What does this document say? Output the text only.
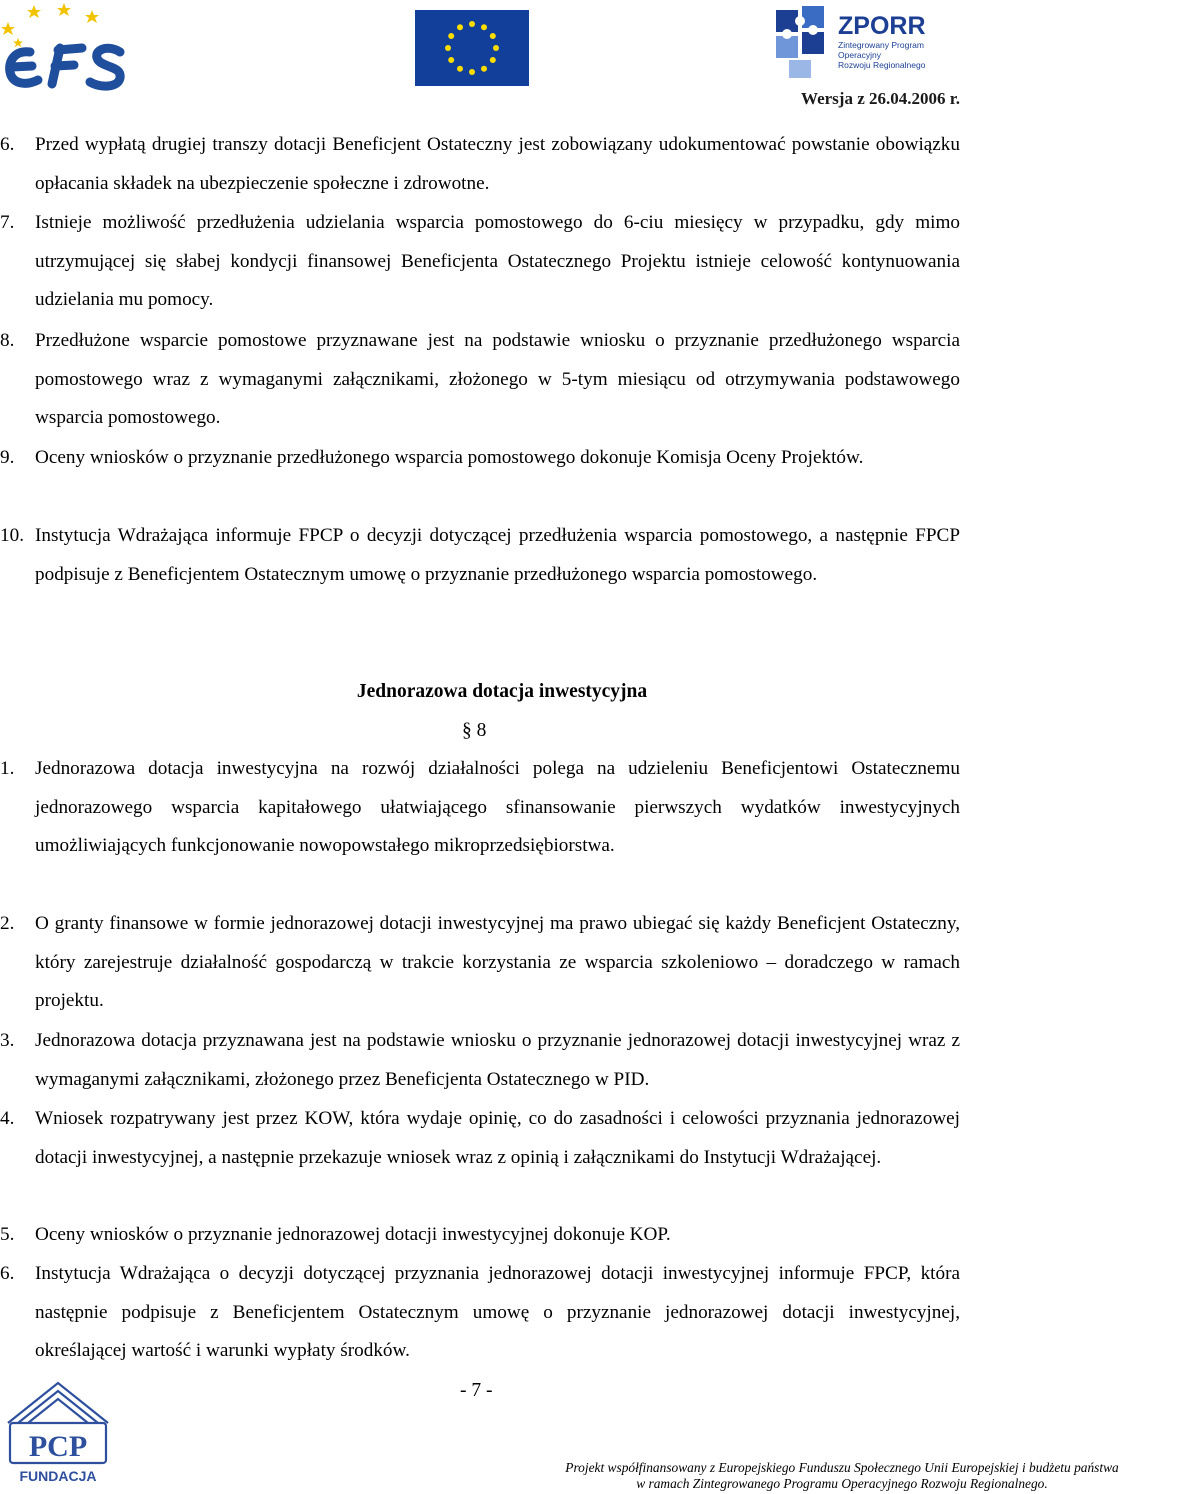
ZPORR
Zintegrowany Program
Operacyjny
Rozwoju Regionalnego
Wersja z 26.04.2006 r.
6. Przed wypłatą drugiej transzy dotacji Beneficjent Ostateczny jest zobowiązany udokumentować powstanie obowiązku opłacania składek na ubezpieczenie społeczne i zdrowotne.
7. Istnieje możliwość przedłużenia udzielania wsparcia pomostowego do 6-ciu miesięcy w przypadku, gdy mimo utrzymującej się słabej kondycji finansowej Beneficjenta Ostatecznego Projektu istnieje celowość kontynuowania udzielania mu pomocy.
8. Przedłużone wsparcie pomostowe przyznawane jest na podstawie wniosku o przyznanie przedłużonego wsparcia pomostowego wraz z wymaganymi załącznikami, złożonego w 5-tym miesiącu od otrzymywania podstawowego wsparcia pomostowego.
9. Oceny wniosków o przyznanie przedłużonego wsparcia pomostowego dokonuje Komisja Oceny Projektów.
10. Instytucja Wdrażająca informuje FPCP o decyzji dotyczącej przedłużenia wsparcia pomostowego, a następnie FPCP podpisuje z Beneficjentem Ostatecznym umowę o przyznanie przedłużonego wsparcia pomostowego.
Jednorazowa dotacja inwestycyjna
§ 8
1. Jednorazowa dotacja inwestycyjna na rozwój działalności polega na udzieleniu Beneficjentowi Ostatecznemu jednorazowego wsparcia kapitałowego ułatwiającego sfinansowanie pierwszych wydatków inwestycyjnych umożliwiających funkcjonowanie nowopowstałego mikroprzedsiębiorstwa.
2. O granty finansowe w formie jednorazowej dotacji inwestycyjnej ma prawo ubiegać się każdy Beneficjent Ostateczny, który zarejestruje działalność gospodarczą w trakcie korzystania ze wsparcia szkoleniowo – doradczego w ramach projektu.
3. Jednorazowa dotacja przyznawana jest na podstawie wniosku o przyznanie jednorazowej dotacji inwestycyjnej wraz z wymaganymi załącznikami, złożonego przez Beneficjenta Ostatecznego w PID.
4. Wniosek rozpatrywany jest przez KOW, która wydaje opinię, co do zasadności i celowości przyznania jednorazowej dotacji inwestycyjnej, a następnie przekazuje wniosek wraz z opinią i załącznikami do Instytucji Wdrażającej.
5. Oceny wniosków o przyznanie jednorazowej dotacji inwestycyjnej dokonuje KOP.
6. Instytucja Wdrażająca o decyzji dotyczącej przyznania jednorazowej dotacji inwestycyjnej informuje FPCP, która następnie podpisuje z Beneficjentem Ostatecznym umowę o przyznanie jednorazowej dotacji inwestycyjnej, określającej wartość i warunki wypłaty środków.
- 7 -
PCP
FUNDACJA
Projekt współfinansowany z Europejskiego Funduszu Społecznego Unii Europejskiej i budżetu państwa
w ramach Zintegrowanego Programu Operacyjnego Rozwoju Regionalnego.
